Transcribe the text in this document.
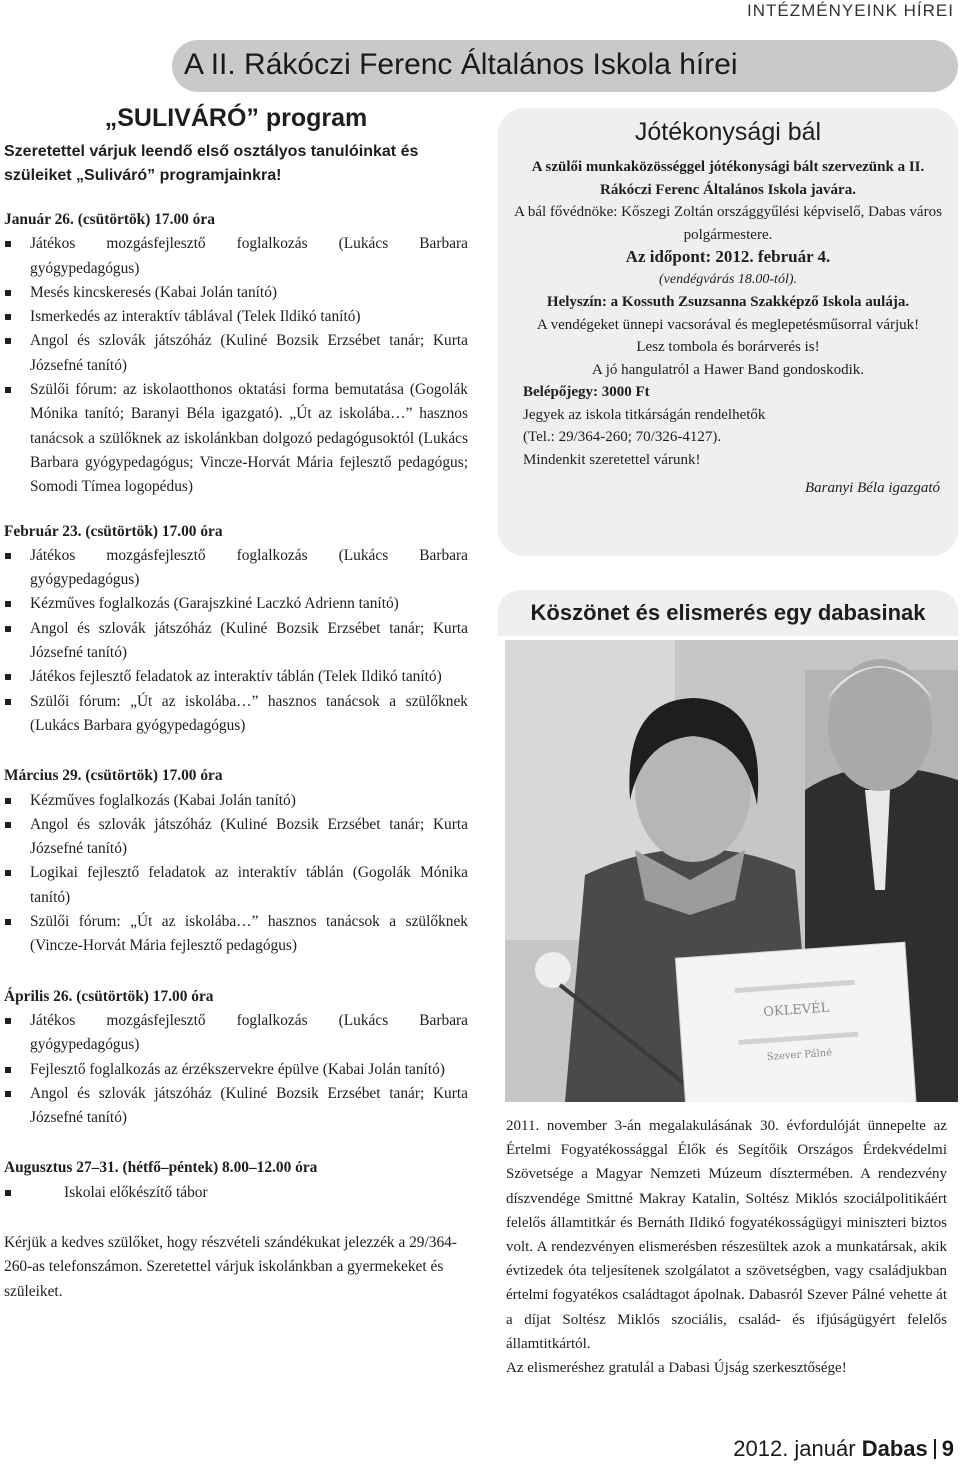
INTÉZMÉNYEINK HÍREI
A II. Rákóczi Ferenc Általános Iskola hírei

„SULIVÁRÓ” program

Szeretettel várjuk leendő első osztályos tanulóinkat és szüleiket „Suliváró” programjainkra!

Január 26. (csütörtök) 17.00 óra
Játékos mozgásfejlesztő foglalkozás (Lukács Barbara gyógypedagógus)
Mesés kincskeresés (Kabai Jolán tanító)
Ismerkedés az interaktív táblával (Telek Ildikó tanító)
Angol és szlovák játszóház (Kuliné Bozsik Erzsébet tanár; Kurta Józsefné tanító)
Szülői fórum: az iskolaotthonos oktatási forma bemutatása (Gogolák Mónika tanító; Baranyi Béla igazgató). „Út az iskolába…” hasznos tanácsok a szülőknek az iskolánkban dolgozó pedagógusoktól (Lukács Barbara gyógypedagógus; Vincze-Horvát Mária fejlesztő pedagógus; Somodi Tímea logopédus)
Február 23. (csütörtök) 17.00 óra
Játékos mozgásfejlesztő foglalkozás (Lukács Barbara gyógypedagógus)
Kézműves foglalkozás (Garajszkiné Laczkó Adrienn tanító)
Angol és szlovák játszóház (Kuliné Bozsik Erzsébet tanár; Kurta Józsefné tanító)
Játékos fejlesztő feladatok az interaktív táblán (Telek Ildikó tanító)
Szülői fórum: „Út az iskolába…” hasznos tanácsok a szülőknek (Lukács Barbara gyógypedagógus)
Március 29. (csütörtök) 17.00 óra
Kézműves foglalkozás (Kabai Jolán tanító)
Angol és szlovák játszóház (Kuliné Bozsik Erzsébet tanár; Kurta Józsefné tanító)
Logikai fejlesztő feladatok az interaktív táblán (Gogolák Mónika tanító)
Szülői fórum: „Út az iskolába…” hasznos tanácsok a szülőknek (Vincze-Horvát Mária fejlesztő pedagógus)
Április 26. (csütörtök) 17.00 óra
Játékos mozgásfejlesztő foglalkozás (Lukács Barbara gyógypedagógus)
Fejlesztő foglalkozás az érzékszervekre épülve (Kabai Jolán tanító)
Angol és szlovák játszóház (Kuliné Bozsik Erzsébet tanár; Kurta Józsefné tanító)
Augusztus 27–31. (hétfő–péntek) 8.00–12.00 óra
Iskolai előkészítő tábor

Kérjük a kedves szülőket, hogy részvételi szándékukat jelezzék a 29/364-260-as telefonszámon. Szeretettel várjuk iskolánkban a gyermekeket és szüleiket.

Jótékonysági bál
A szülői munkaközösséggel jótékonysági bált szervezünk a II. Rákóczi Ferenc Általános Iskola javára.
A bál fővédnöke: Kőszegi Zoltán országgyűlési képviselő, Dabas város polgármestere.
Az időpont: 2012. február 4.
(vendégvárás 18.00-tól).
Helyszín: a Kossuth Zsuzsanna Szakképző Iskola aulája.
A vendégeket ünnepi vacsorával és meglepetésműsorral várjuk!
Lesz tombola és borárverés is!
A jó hangulatról a Hawer Band gondoskodik.
Belépőjegy: 3000 Ft
Jegyek az iskola titkárságán rendelhetők
(Tel.: 29/364-260; 70/326-4127).
Mindenkit szeretettel várunk!
Baranyi Béla igazgató
Köszönet és elismerés egy dabasinak
OKLEVÉL
Szever Pálné
2011. november 3-án megalakulásának 30. évfordulóját ünnepelte az Értelmi Fogyatékossággal Élők és Segítőik Országos Érdekvédelmi Szövetsége a Magyar Nemzeti Múzeum dísztermében. A rendezvény díszvendége Smittné Makray Katalin, Soltész Miklós szociálpolitikáért felelős államtitkár és Bernáth Ildikó fogyatékosságügyi miniszteri biztos volt. A rendezvényen elismerésben részesültek azok a munkatársak, akik évtizedek óta teljesítenek szolgálatot a szövetségben, vagy családjukban értelmi fogyatékos családtagot ápolnak. Dabasról Szever Pálné vehette át a díjat Soltész Miklós szociális, család- és ifjúságügyért felelős államtitkártól.
Az elismeréshez gratulál a Dabasi Újság szerkesztősége!
2012. január Dabas 9
